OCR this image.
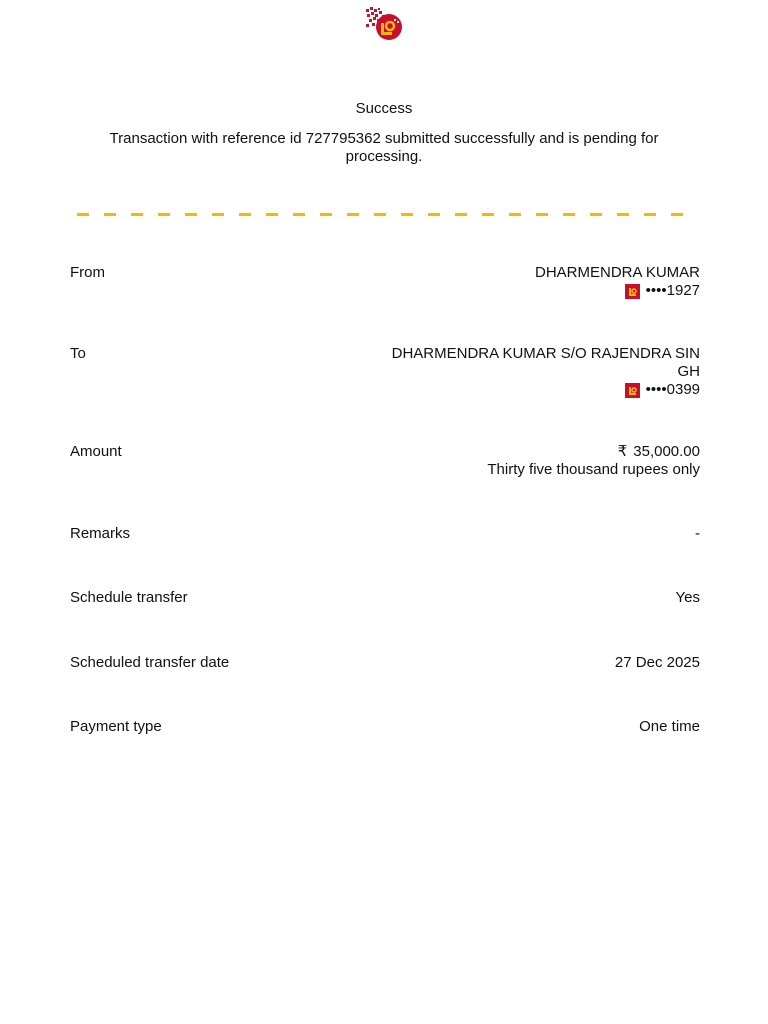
Success
Transaction with reference id 727795362 submitted successfully and is pending for processing.
From	DHARMENDRA KUMAR
••••1927
To	DHARMENDRA KUMAR S/O RAJENDRA SINGH
••••0399
Amount	₹ 35,000.00
Thirty five thousand rupees only
Remarks	-
Schedule transfer	Yes
Scheduled transfer date	27 Dec 2025
Payment type	One time
